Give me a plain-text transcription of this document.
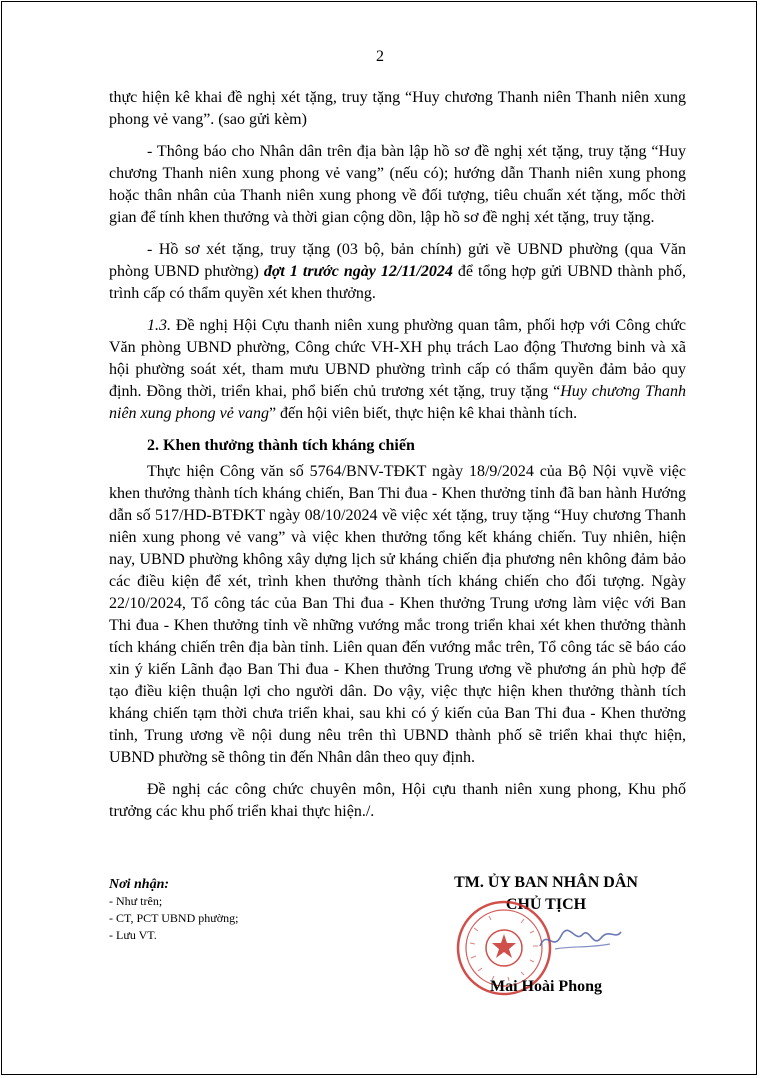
2

thực hiện kê khai đề nghị xét tặng, truy tặng “Huy chương Thanh niên Thanh niên xung phong vẻ vang”. (sao gửi kèm)

- Thông báo cho Nhân dân trên địa bàn lập hồ sơ đề nghị xét tặng, truy tặng “Huy chương Thanh niên xung phong vẻ vang” (nếu có); hướng dẫn Thanh niên xung phong hoặc thân nhân của Thanh niên xung phong về đối tượng, tiêu chuẩn xét tặng, mốc thời gian để tính khen thưởng và thời gian cộng dồn, lập hồ sơ đề nghị xét tặng, truy tặng.

- Hồ sơ xét tặng, truy tặng (03 bộ, bản chính) gửi về UBND phường (qua Văn phòng UBND phường) đợt 1 trước ngày 12/11/2024 để tổng hợp gửi UBND thành phố, trình cấp có thẩm quyền xét khen thưởng.

1.3. Đề nghị Hội Cựu thanh niên xung phường quan tâm, phối hợp với Công chức Văn phòng UBND phường, Công chức VH-XH phụ trách Lao động Thương binh và xã hội phường soát xét, tham mưu UBND phường trình cấp có thẩm quyền đảm bảo quy định. Đồng thời, triển khai, phổ biến chủ trương xét tặng, truy tặng “Huy chương Thanh niên xung phong vẻ vang” đến hội viên biết, thực hiện kê khai thành tích.

2. Khen thưởng thành tích kháng chiến

Thực hiện Công văn số 5764/BNV-TĐKT ngày 18/9/2024 của Bộ Nội vụvề việc khen thưởng thành tích kháng chiến, Ban Thi đua - Khen thưởng tỉnh đã ban hành Hướng dẫn số 517/HD-BTĐKT ngày 08/10/2024 về việc xét tặng, truy tặng “Huy chương Thanh niên xung phong vẻ vang” và việc khen thưởng tổng kết kháng chiến. Tuy nhiên, hiện nay, UBND phường không xây dựng lịch sử kháng chiến địa phương nên không đảm bảo các điều kiện để xét, trình khen thưởng thành tích kháng chiến cho đối tượng. Ngày 22/10/2024, Tổ công tác của Ban Thi đua - Khen thưởng Trung ương làm việc với Ban Thi đua - Khen thưởng tỉnh về những vướng mắc trong triển khai xét khen thưởng thành tích kháng chiến trên địa bàn tỉnh. Liên quan đến vướng mắc trên, Tổ công tác sẽ báo cáo xin ý kiến Lãnh đạo Ban Thi đua - Khen thưởng Trung ương về phương án phù hợp để tạo điều kiện thuận lợi cho người dân. Do vậy, việc thực hiện khen thưởng thành tích kháng chiến tạm thời chưa triển khai, sau khi có ý kiến của Ban Thi đua - Khen thưởng tỉnh, Trung ương về nội dung nêu trên thì UBND thành phố sẽ triển khai thực hiện, UBND phường sẽ thông tin đến Nhân dân theo quy định.

Đề nghị các công chức chuyên môn, Hội cựu thanh niên xung phong, Khu phố trưởng các khu phố triển khai thực hiện./.

Nơi nhận:
- Như trên;
- CT, PCT UBND phường;
- Lưu VT.
TM. ỦY BAN NHÂN DÂN
CHỦ TỊCH
Mai Hoài Phong
